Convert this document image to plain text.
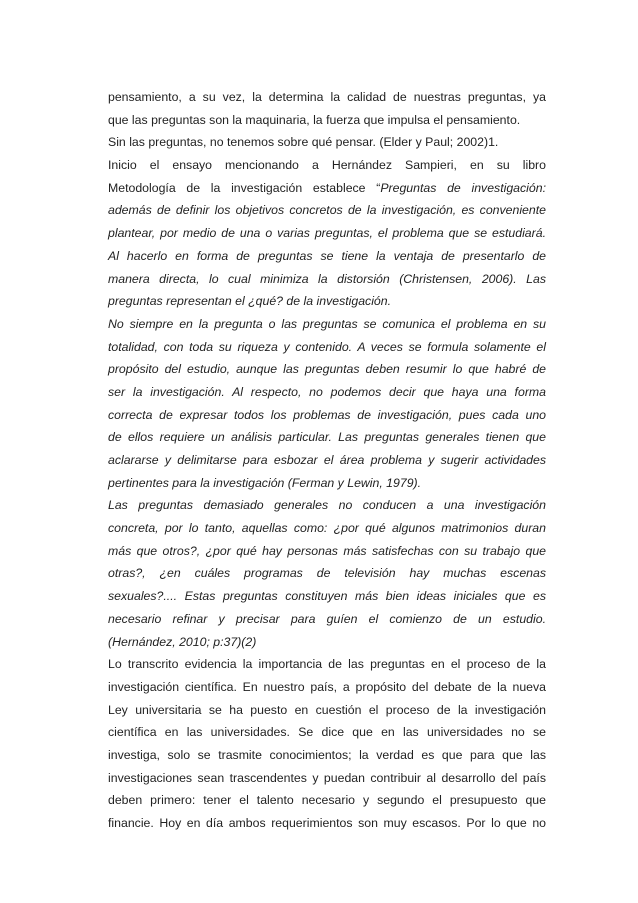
pensamiento, a su vez, la determina la calidad de nuestras preguntas, ya
que las preguntas son la maquinaria, la fuerza que impulsa el pensamiento.
Sin las preguntas, no tenemos sobre qué pensar. (Elder y Paul; 2002)1.
Inicio el ensayo mencionando a Hernández Sampieri, en su libro
Metodología de la investigación establece “Preguntas de investigación:
además de definir los objetivos concretos de la investigación, es conveniente
plantear, por medio de una o varias preguntas, el problema que se estudiará.
Al hacerlo en forma de preguntas se tiene la ventaja de presentarlo de
manera directa, lo cual minimiza la distorsión (Christensen, 2006). Las
preguntas representan el ¿qué? de la investigación.
No siempre en la pregunta o las preguntas se comunica el problema en su
totalidad, con toda su riqueza y contenido. A veces se formula solamente el
propósito del estudio, aunque las preguntas deben resumir lo que habré de
ser la investigación. Al respecto, no podemos decir que haya una forma
correcta de expresar todos los problemas de investigación, pues cada uno
de ellos requiere un análisis particular. Las preguntas generales tienen que
aclararse y delimitarse para esbozar el área problema y sugerir actividades
pertinentes para la investigación (Ferman y Lewin, 1979).
Las preguntas demasiado generales no conducen a una investigación
concreta, por lo tanto, aquellas como: ¿por qué algunos matrimonios duran
más que otros?, ¿por qué hay personas más satisfechas con su trabajo que
otras?, ¿en cuáles programas de televisión hay muchas escenas
sexuales?.... Estas preguntas constituyen más bien ideas iniciales que es
necesario refinar y precisar para guíen el comienzo de un estudio.
(Hernández, 2010; p:37)(2)
Lo transcrito evidencia la importancia de las preguntas en el proceso de la
investigación científica. En nuestro país, a propósito del debate de la nueva
Ley universitaria se ha puesto en cuestión el proceso de la investigación
científica en las universidades. Se dice que en las universidades no se
investiga, solo se trasmite conocimientos; la verdad es que para que las
investigaciones sean trascendentes y puedan contribuir al desarrollo del país
deben primero: tener el talento necesario y segundo el presupuesto que
financie. Hoy en día ambos requerimientos son muy escasos. Por lo que no
